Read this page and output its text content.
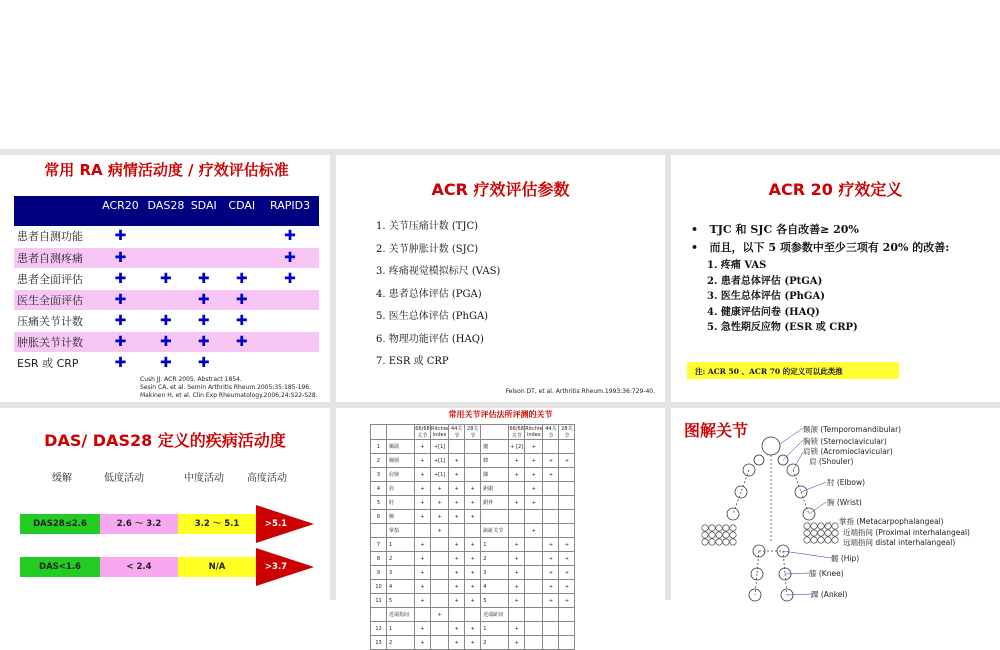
常用 RA 病情活动度 / 疗效评估标准
	ACR20	DAS28	SDAI	CDAI	RAPID3
患者自测功能	✚				✚
患者自测疼痛	✚				✚
患者全面评估	✚	✚	✚	✚	✚
医生全面评估	✚		✚	✚	
压痛关节计数	✚	✚	✚	✚	
肿胀关节计数	✚	✚	✚	✚	
ESR 或 CRP	✚	✚	✚		
Cush JJ. ACR 2005. Abstract 1854.
Sesin CA, et al. Semin Arthritis Rheum.2005;35:185-196.
Makinen H, et al. Clin Exp Rheumatology.2006;24:S22-S28.
ACR 疗效评估参数
1. 关节压痛计数 (TJC)
2. 关节肿胀计数 (SJC)
3. 疼痛视觉模拟标尺 (VAS)
4. 患者总体评估 (PGA)
5. 医生总体评估 (PhGA)
6. 物理功能评估 (HAQ)
7. ESR 或 CRP
Felson DT, et al. Arthritis Rheum.1993;36:729-40.
ACR 20 疗效定义
•   TJC 和 SJC 各自改善≥ 20%
•   而且，以下 5 项参数中至少三项有 20% 的改善:
1. 疼痛 VAS
2. 患者总体评估 (PtGA)
3. 医生总体评估 (PhGA)
4. 健康评估问卷 (HAQ)
5. 急性期反应物 (ESR 或 CRP)
注: ACR 50 、ACR 70 的定义可以此类推
DAS/ DAS28 定义的疾病活动度
缓解	低度活动	中度活动 高度活动
DAS28≤2.6	2.6 ～ 3.2	3.2 ～ 5.1	>5.1
DAS<1.6	< 2.4	N/A	>3.7
常用关节评估法所评测的关节
		66/68关节	Ritchie index	44关节	28关节		66/68关节	Ritchie index	44关节	28关节
1	颞颌	+	+[1]			髋	+ [2]	+		
2	胸锁	+	+[1]	+		膝	+	+	+	+
3	肩锁	+	+[1]	+		踝	+	+	+	
4	肩	+	+	+	+	距跟		+		
5	肘	+	+	+	+	跗骨	+	+		
6	腕	+	+	+	+					
	掌指		+			跖趾关节		+		
7	1	+		+	+	1	+		+	+
8	2	+		+	+	2	+		+	+
9	3	+		+	+	3	+		+	+
10	4	+		+	+	4	+		+	+
11	5	+		+	+	5	+		+	+
	近端指间		+			近端趾间				
12	1	+		+	+	1	+			
13	2	+		+	+	2	+			
图解关节	颞颌 (Temporomandibular)
胸锁 (Sternoclavicular)
肩锁 (Acromioclavicular)
肩 (Shouler)
肘 (Elbow)
腕 (Wrist)
掌指 (Metacarpophalangeal)
近端指间 (Proximal interhalangeal)
远端指间 distal interhalangeal)
髋 (Hip)
膝 (Knee)
踝 (Ankel)
